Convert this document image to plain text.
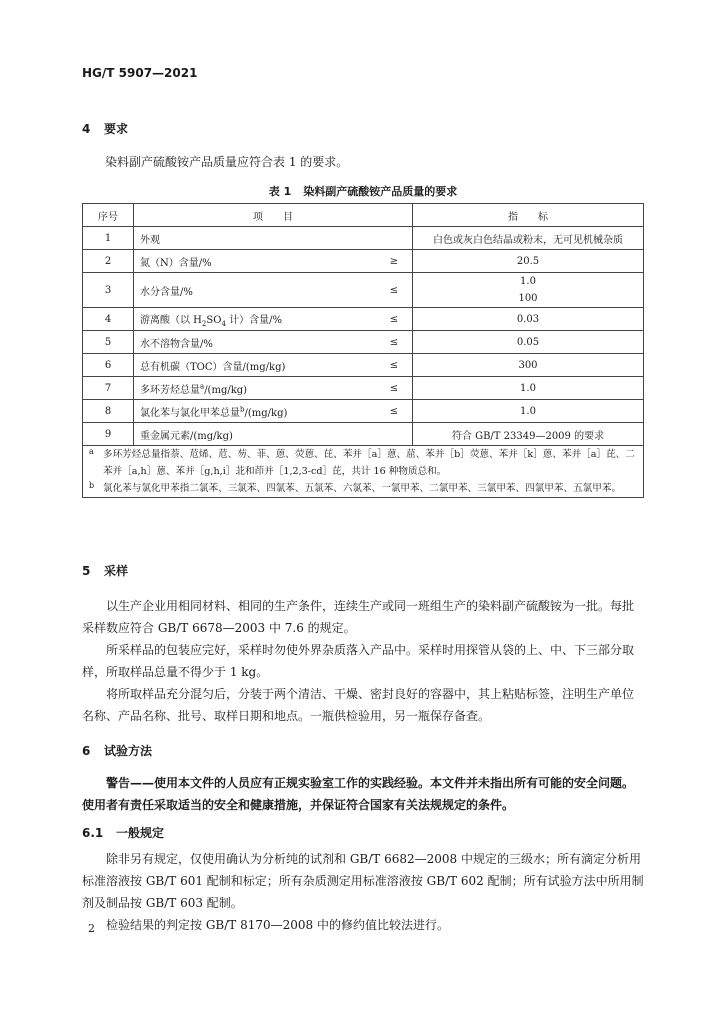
HG/T 5907—2021
4 要求
染料副产硫酸铵产品质量应符合表 1 的要求。
表 1 染料副产硫酸铵产品质量的要求
序号	项　　目		指　　标
1	外观		白色或灰白色结晶或粉末，无可见机械杂质
2	氮（N）含量/%	≥	20.5
3	水分含量/%	≤	1.0
100

4	游离酸（以 $H_2SO_4$ 计）含量/%	≤	0.03
5	水不溶物含量/%	≤	0.05
6	总有机碳（TOC）含量/(mg/kg)	≤	300
7	多环芳烃总量$^a$/(mg/kg)	≤	1.0
8	氯化苯与氯化甲苯总量$^b$/(mg/kg)	≤	1.0
9	重金属元素/(mg/kg)		符合 GB/T 23349—2009 的要求

a 多环芳烃总量指萘、苊烯、苊、芴、菲、蒽、荧蒽、芘、苯并［a］蒽、䓛、苯并［b］荧蒽、苯并［k］蒽、苯并［a］芘、二苯并［a,h］蒽、苯并［g,h,i］苝和茚并［1,2,3-cd］芘，共计 16 种物质总和。
b 氯化苯与氯化甲苯指二氯苯、三氯苯、四氯苯、五氯苯、六氯苯、一氯甲苯、二氯甲苯、三氯甲苯、四氯甲苯、五氯甲苯。			
5 采样

以生产企业用相同材料、相同的生产条件，连续生产或同一班组生产的染料副产硫酸铵为一批。每批采样数应符合 GB/T 6678—2003 中 7.6 的规定。

所采样品的包装应完好，采样时勿使外界杂质落入产品中。采样时用探管从袋的上、中、下三部分取样，所取样品总量不得少于 1 kg。

将所取样品充分混匀后，分装于两个清洁、干燥、密封良好的容器中，其上粘贴标签，注明生产单位名称、产品名称、批号、取样日期和地点。一瓶供检验用，另一瓶保存备查。

6 试验方法

警告——使用本文件的人员应有正规实验室工作的实践经验。本文件并未指出所有可能的安全问题。使用者有责任采取适当的安全和健康措施，并保证符合国家有关法规规定的条件。

6.1 一般规定

除非另有规定，仅使用确认为分析纯的试剂和 GB/T 6682—2008 中规定的三级水；所有滴定分析用标准溶液按 GB/T 601 配制和标定；所有杂质测定用标准溶液按 GB/T 602 配制；所有试验方法中所用制剂及制品按 GB/T 603 配制。

检验结果的判定按 GB/T 8170—2008 中的修约值比较法进行。

2
